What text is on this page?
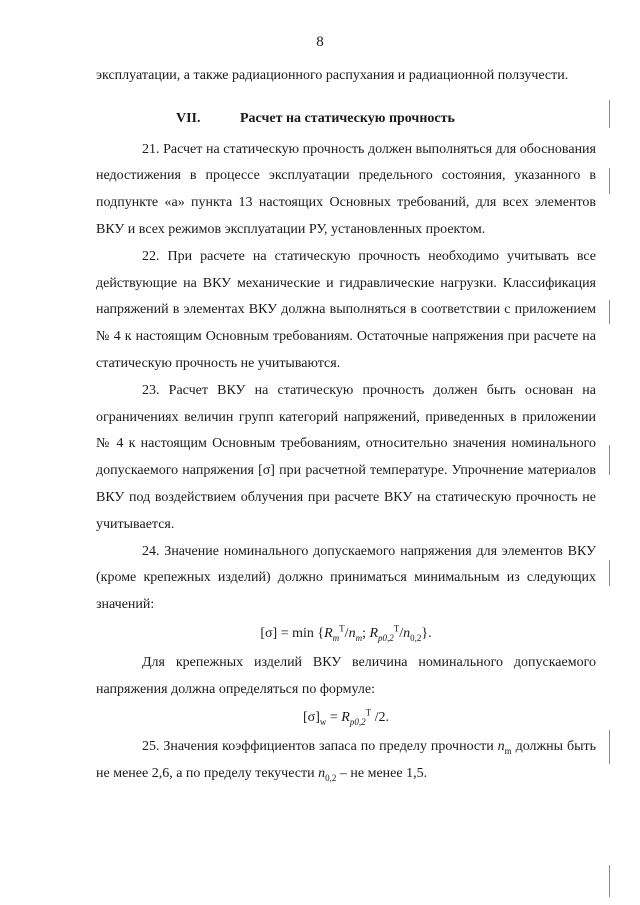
8

эксплуатации, а также радиационного распухания и радиационной ползучести.

VII.	Расчет на статическую прочность

21. Расчет на статическую прочность должен выполняться для обоснования недостижения в процессе эксплуатации предельного состояния, указанного в подпункте «а» пункта 13 настоящих Основных требований, для всех элементов ВКУ и всех режимов эксплуатации РУ, установленных проектом.

22. При расчете на статическую прочность необходимо учитывать все действующие на ВКУ механические и гидравлические нагрузки. Классификация напряжений в элементах ВКУ должна выполняться в соответствии с приложением № 4 к настоящим Основным требованиям. Остаточные напряжения при расчете на статическую прочность не учитываются.

23. Расчет ВКУ на статическую прочность должен быть основан на ограничениях величин групп категорий напряжений, приведенных в приложении № 4 к настоящим Основным требованиям, относительно значения номинального допускаемого напряжения [σ] при расчетной температуре. Упрочнение материалов ВКУ под воздействием облучения при расчете ВКУ на статическую прочность не учитывается.

24. Значение номинального допускаемого напряжения для элементов ВКУ (кроме крепежных изделий) должно приниматься минимальным из следующих значений:

$[\sigma] = \min \{R_m^T/n_m$; $R_{p0,2}^T/n_{0,2}$}.

Для крепежных изделий ВКУ величина номинального допускаемого напряжения должна определяться по формуле:

$[\sigma]_w = R_{p0,2}^T$ /2.

25. Значения коэффициентов запаса по пределу прочности $n_m$ должны быть не менее 2,6, а по пределу текучести $n_{0,2}$ – не менее 1,5.
